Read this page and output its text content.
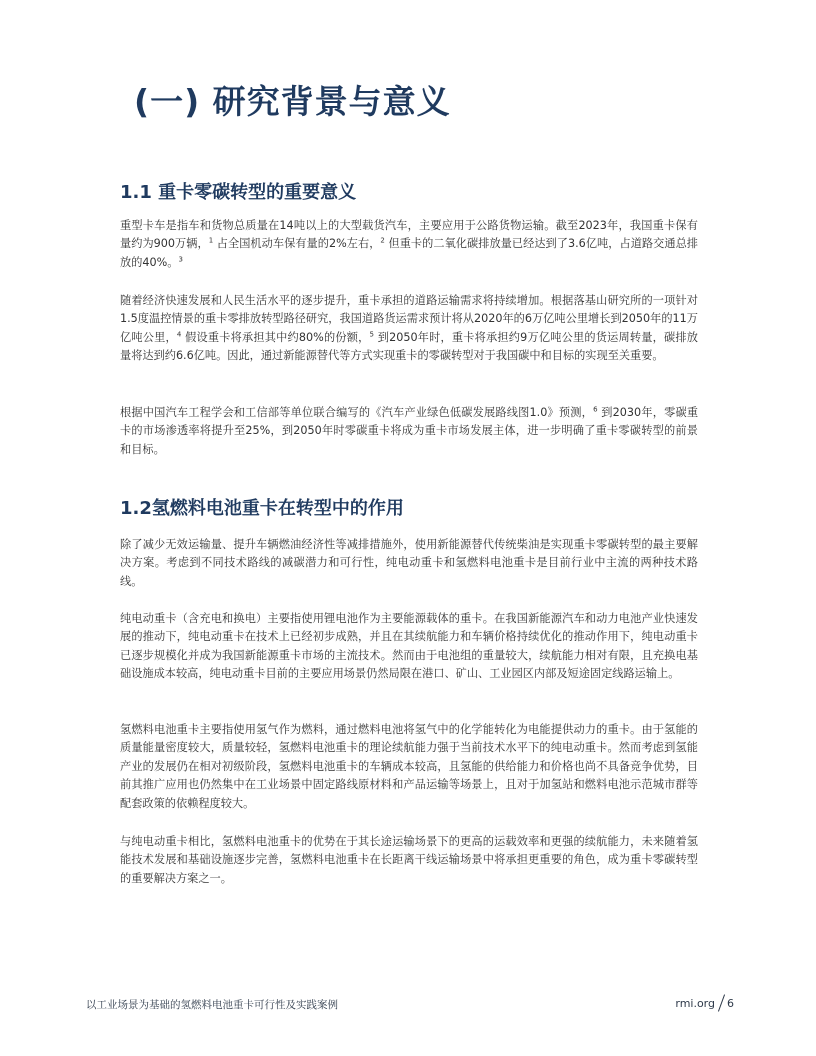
(一) 研究背景与意义
1.1 重卡零碳转型的重要意义

重型卡车是指车和货物总质量在14吨以上的大型载货汽车，主要应用于公路货物运输。截至2023年，我国重卡保有量约为900万辆，$^1$ 占全国机动车保有量的2%左右，$^2$ 但重卡的二氧化碳排放量已经达到了3.6亿吨，占道路交通总排放的40%。$^3$

随着经济快速发展和人民生活水平的逐步提升，重卡承担的道路运输需求将持续增加。根据落基山研究所的一项针对1.5度温控情景的重卡零排放转型路径研究，我国道路货运需求预计将从2020年的6万亿吨公里增长到2050年的11万亿吨公里，$^4$ 假设重卡将承担其中约80%的份额，$^5$ 到2050年时，重卡将承担约9万亿吨公里的货运周转量，碳排放量将达到约6.6亿吨。因此，通过新能源替代等方式实现重卡的零碳转型对于我国碳中和目标的实现至关重要。

根据中国汽车工程学会和工信部等单位联合编写的《汽车产业绿色低碳发展路线图1.0》预测，$^6$ 到2030年，零碳重卡的市场渗透率将提升至25%，到2050年时零碳重卡将成为重卡市场发展主体，进一步明确了重卡零碳转型的前景和目标。

1.2氢燃料电池重卡在转型中的作用

除了减少无效运输量、提升车辆燃油经济性等减排措施外，使用新能源替代传统柴油是实现重卡零碳转型的最主要解决方案。考虑到不同技术路线的减碳潜力和可行性，纯电动重卡和氢燃料电池重卡是目前行业中主流的两种技术路线。

纯电动重卡（含充电和换电）主要指使用锂电池作为主要能源载体的重卡。在我国新能源汽车和动力电池产业快速发展的推动下，纯电动重卡在技术上已经初步成熟，并且在其续航能力和车辆价格持续优化的推动作用下，纯电动重卡已逐步规模化并成为我国新能源重卡市场的主流技术。然而由于电池组的重量较大，续航能力相对有限，且充换电基础设施成本较高，纯电动重卡目前的主要应用场景仍然局限在港口、矿山、工业园区内部及短途固定线路运输上。

氢燃料电池重卡主要指使用氢气作为燃料，通过燃料电池将氢气中的化学能转化为电能提供动力的重卡。由于氢能的质量能量密度较大，质量较轻，氢燃料电池重卡的理论续航能力强于当前技术水平下的纯电动重卡。然而考虑到氢能产业的发展仍在相对初级阶段，氢燃料电池重卡的车辆成本较高，且氢能的供给能力和价格也尚不具备竞争优势，目前其推广应用也仍然集中在工业场景中固定路线原材料和产品运输等场景上，且对于加氢站和燃料电池示范城市群等配套政策的依赖程度较大。

与纯电动重卡相比，氢燃料电池重卡的优势在于其长途运输场景下的更高的运载效率和更强的续航能力，未来随着氢能技术发展和基础设施逐步完善，氢燃料电池重卡在长距离干线运输场景中将承担更重要的角色，成为重卡零碳转型的重要解决方案之一。

以工业场景为基础的氢燃料电池重卡可行性及实践案例	rmi.org 6
